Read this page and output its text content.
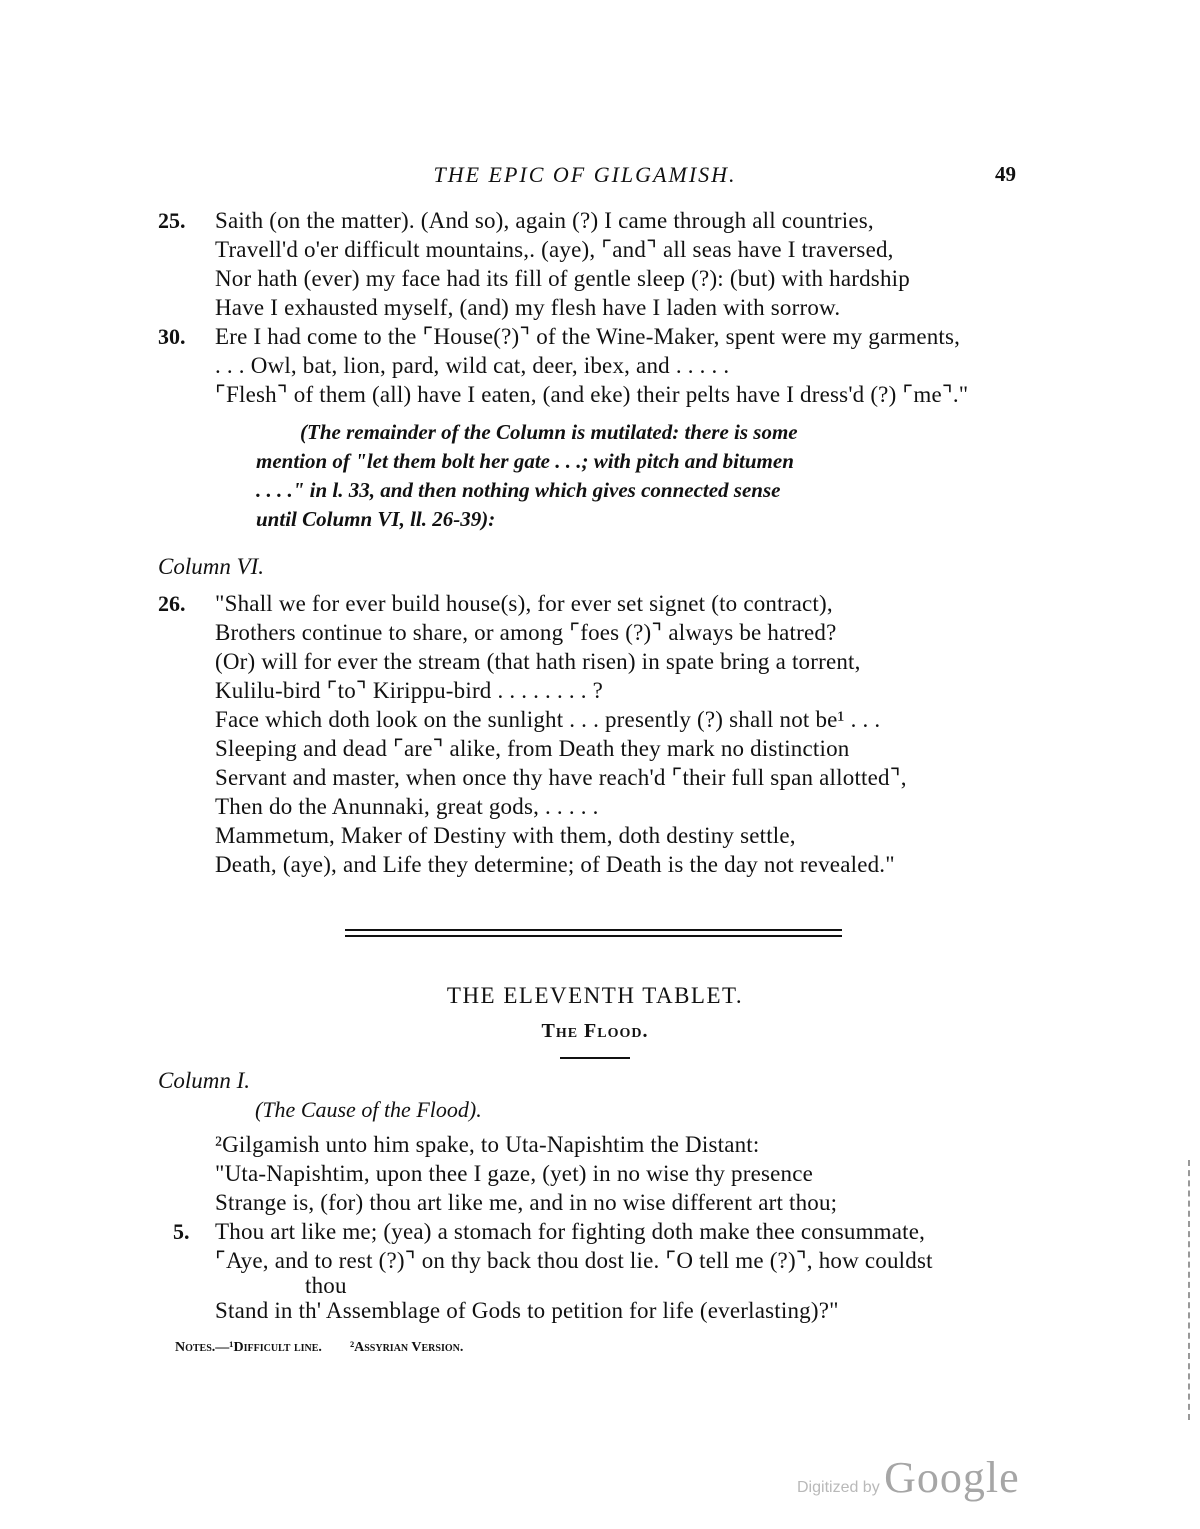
THE EPIC OF GILGAMISH.	49
25. Saith (on the matter). (And so), again (?) I came through all countries,
Travell'd o'er difficult mountains,. (aye), ⌜and⌝ all seas have I traversed,
Nor hath (ever) my face had its fill of gentle sleep (?): (but) with hardship
Have I exhausted myself, (and) my flesh have I laden with sorrow.
30. Ere I had come to the ⌜House(?)⌝ of the Wine-Maker, spent were my garments,
. . . Owl, bat, lion, pard, wild cat, deer, ibex, and . . . . .
⌜Flesh⌝ of them (all) have I eaten, (and eke) their pelts have I dress'd (?) ⌜me⌝."
(The remainder of the Column is mutilated: there is some
mention of "let them bolt her gate . . .; with pitch and bitumen
. . . ." in l. 33, and then nothing which gives connected sense
until Column VI, ll. 26-39):
Column VI.
26. "Shall we for ever build house(s), for ever set signet (to contract),
Brothers continue to share, or among ⌜foes (?)⌝ always be hatred?
(Or) will for ever the stream (that hath risen) in spate bring a torrent,
Kulilu-bird ⌜to⌝ Kirippu-bird . . . . . . . . ?
Face which doth look on the sunlight . . . presently (?) shall not be¹ . . .
Sleeping and dead ⌜are⌝ alike, from Death they mark no distinction
Servant and master, when once thy have reach'd ⌜their full span allotted⌝,
Then do the Anunnaki, great gods, . . . . .
Mammetum, Maker of Destiny with them, doth destiny settle,
Death, (aye), and Life they determine; of Death is the day not revealed."
THE ELEVENTH TABLET.
The Flood.
Column I.
(The Cause of the Flood).
²Gilgamish unto him spake, to Uta-Napishtim the Distant:
"Uta-Napishtim, upon thee I gaze, (yet) in no wise thy presence
Strange is, (for) thou art like me, and in no wise different art thou;
5. Thou art like me; (yea) a stomach for fighting doth make thee consummate,
⌜Aye, and to rest (?)⌝ on thy back thou dost lie. ⌜O tell me (?)⌝, how couldst
thou
Stand in th' Assemblage of Gods to petition for life (everlasting)?"
Notes.—¹Difficult line. ²Assyrian Version.
Digitized by Google
